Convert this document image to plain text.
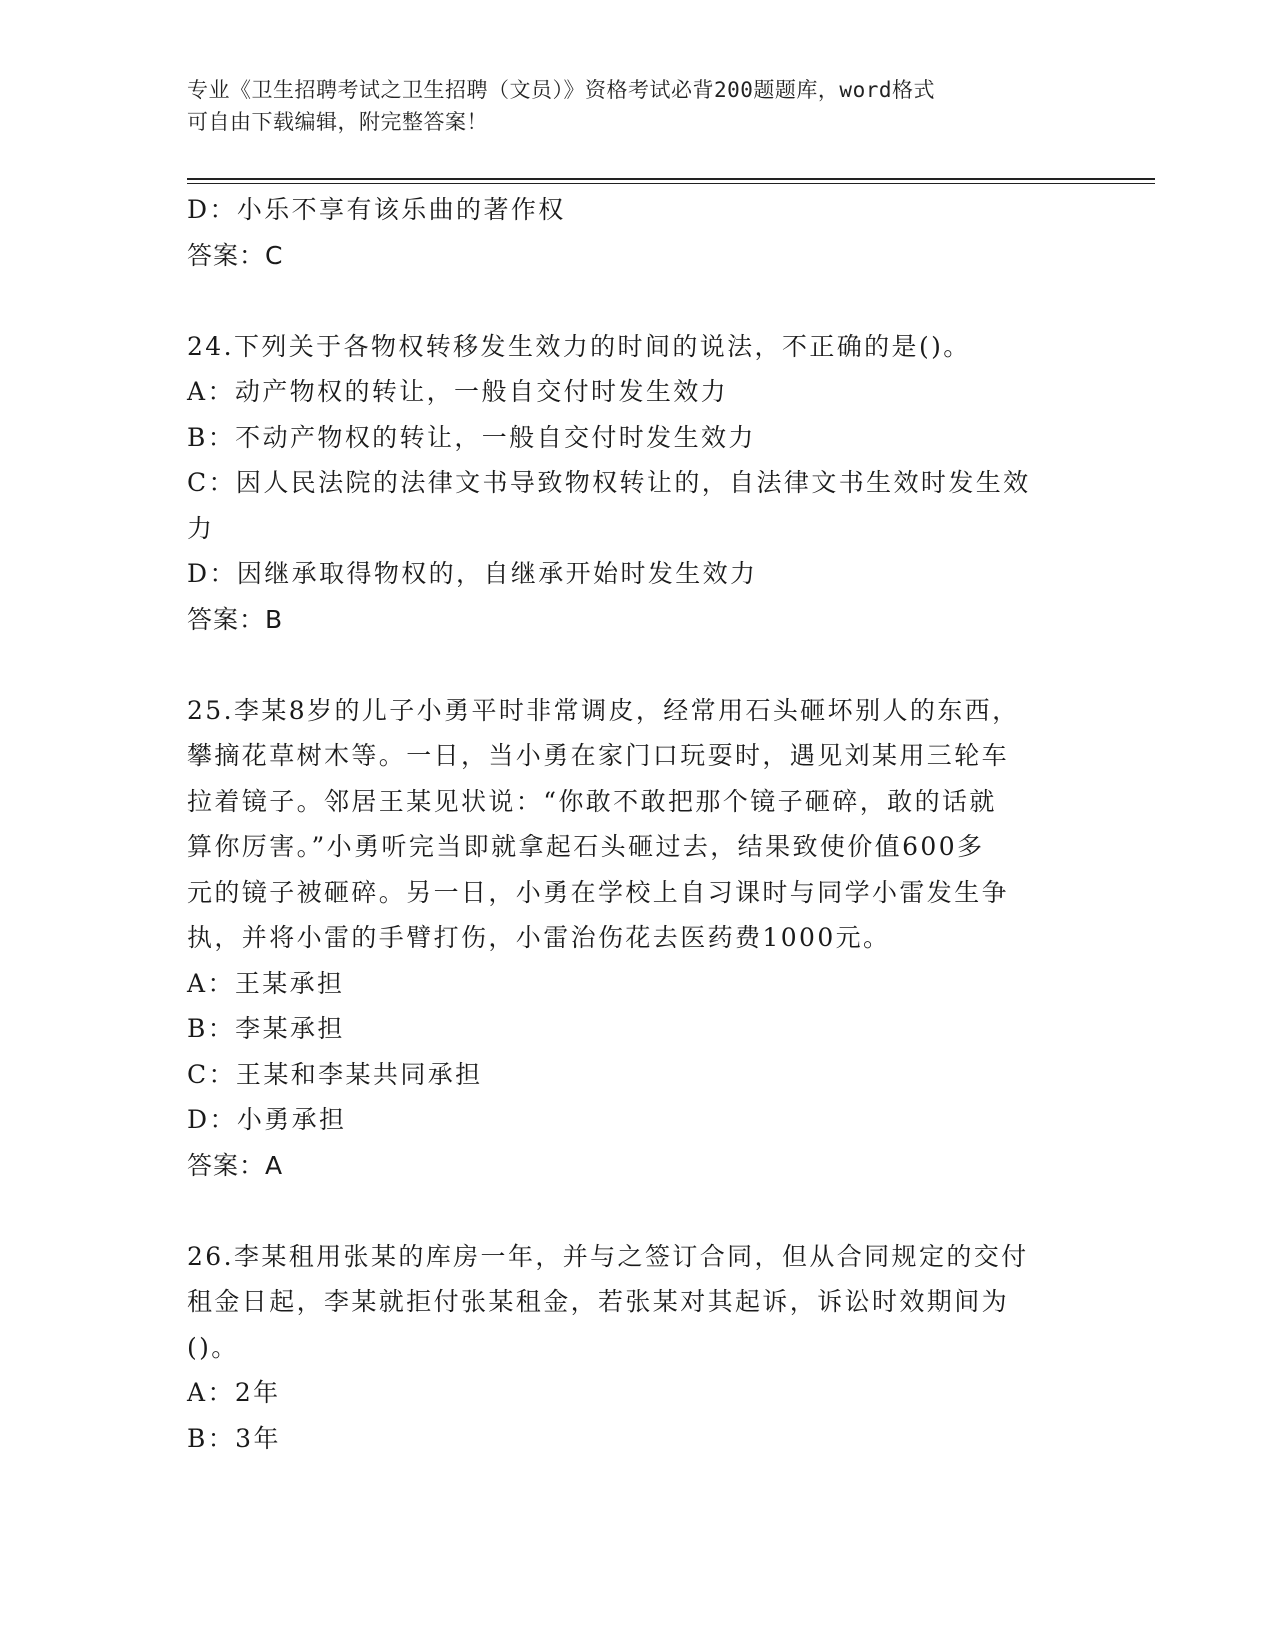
专业《卫生招聘考试之卫生招聘（文员）》资格考试必背200题题库，word格式
可自由下载编辑，附完整答案！
D：小乐不享有该乐曲的著作权
答案：C
24.下列关于各物权转移发生效力的时间的说法，不正确的是()。
A：动产物权的转让，一般自交付时发生效力
B：不动产物权的转让，一般自交付时发生效力
C：因人民法院的法律文书导致物权转让的，自法律文书生效时发生效
力
D：因继承取得物权的，自继承开始时发生效力
答案：B
25.李某8岁的儿子小勇平时非常调皮，经常用石头砸坏别人的东西，
攀摘花草树木等。一日，当小勇在家门口玩耍时，遇见刘某用三轮车
拉着镜子。邻居王某见状说：“你敢不敢把那个镜子砸碎，敢的话就
算你厉害。”小勇听完当即就拿起石头砸过去，结果致使价值600多
元的镜子被砸碎。另一日，小勇在学校上自习课时与同学小雷发生争
执，并将小雷的手臂打伤，小雷治伤花去医药费1000元。
A：王某承担
B：李某承担
C：王某和李某共同承担
D：小勇承担
答案：A
26.李某租用张某的库房一年，并与之签订合同，但从合同规定的交付
租金日起，李某就拒付张某租金，若张某对其起诉，诉讼时效期间为
()。
A：2年
B：3年
